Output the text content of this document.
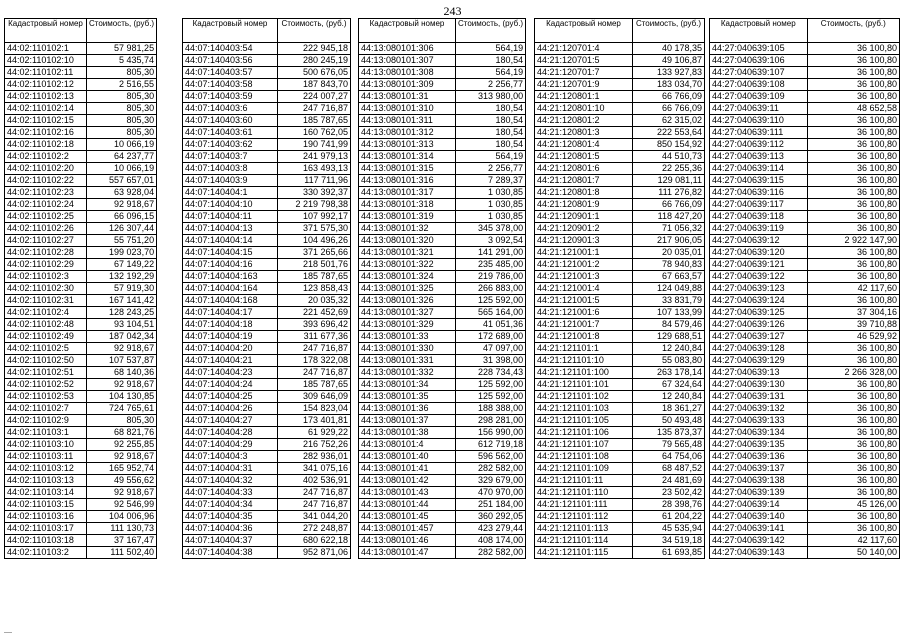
243
Кадастровый номер	Стоимость, (руб.)
44:02:110102:1	57 981,25
44:02:110102:10	5 435,74
44:02:110102:11	805,30
44:02:110102:12	2 516,55
44:02:110102:13	805,30
44:02:110102:14	805,30
44:02:110102:15	805,30
44:02:110102:16	805,30
44:02:110102:18	10 066,19
44:02:110102:2	64 237,77
44:02:110102:20	10 066,19
44:02:110102:22	557 657,01
44:02:110102:23	63 928,04
44:02:110102:24	92 918,67
44:02:110102:25	66 096,15
44:02:110102:26	126 307,44
44:02:110102:27	55 751,20
44:02:110102:28	199 023,70
44:02:110102:29	67 149,22
44:02:110102:3	132 192,29
44:02:110102:30	57 919,30
44:02:110102:31	167 141,42
44:02:110102:4	128 243,25
44:02:110102:48	93 104,51
44:02:110102:49	187 042,34
44:02:110102:5	92 918,67
44:02:110102:50	107 537,87
44:02:110102:51	68 140,36
44:02:110102:52	92 918,67
44:02:110102:53	104 130,85
44:02:110102:7	724 765,61
44:02:110102:9	805,30
44:02:110103:1	68 821,76
44:02:110103:10	92 255,85
44:02:110103:11	92 918,67
44:02:110103:12	165 952,74
44:02:110103:13	49 556,62
44:02:110103:14	92 918,67
44:02:110103:15	92 546,99
44:02:110103:16	104 006,96
44:02:110103:17	111 130,73
44:02:110103:18	37 167,47
44:02:110103:2	111 502,40
Кадастровый номер	Стоимость, (руб.)
44:07:140403:54	222 945,18
44:07:140403:56	280 245,19
44:07:140403:57	500 676,05
44:07:140403:58	187 843,70
44:07:140403:59	224 007,27
44:07:140403:6	247 716,87
44:07:140403:60	185 787,65
44:07:140403:61	160 762,05
44:07:140403:62	190 741,99
44:07:140403:7	241 979,13
44:07:140403:8	163 493,13
44:07:140403:9	117 711,96
44:07:140404:1	330 392,37
44:07:140404:10	2 219 798,38
44:07:140404:11	107 992,17
44:07:140404:13	371 575,30
44:07:140404:14	104 496,26
44:07:140404:15	371 265,66
44:07:140404:16	218 501,76
44:07:140404:163	185 787,65
44:07:140404:164	123 858,43
44:07:140404:168	20 035,32
44:07:140404:17	221 452,69
44:07:140404:18	393 696,42
44:07:140404:19	311 677,36
44:07:140404:20	247 716,87
44:07:140404:21	178 322,08
44:07:140404:23	247 716,87
44:07:140404:24	185 787,65
44:07:140404:25	309 646,09
44:07:140404:26	154 823,04
44:07:140404:27	173 401,81
44:07:140404:28	61 929,22
44:07:140404:29	216 752,26
44:07:140404:3	282 936,01
44:07:140404:31	341 075,16
44:07:140404:32	402 536,91
44:07:140404:33	247 716,87
44:07:140404:34	247 716,87
44:07:140404:35	341 044,20
44:07:140404:36	272 248,87
44:07:140404:37	680 622,18
44:07:140404:38	952 871,06
Кадастровый номер	Стоимость, (руб.)
44:13:080101:306	564,19
44:13:080101:307	180,54
44:13:080101:308	564,19
44:13:080101:309	2 256,77
44:13:080101:31	313 980,00
44:13:080101:310	180,54
44:13:080101:311	180,54
44:13:080101:312	180,54
44:13:080101:313	180,54
44:13:080101:314	564,19
44:13:080101:315	2 256,77
44:13:080101:316	7 289,37
44:13:080101:317	1 030,85
44:13:080101:318	1 030,85
44:13:080101:319	1 030,85
44:13:080101:32	345 378,00
44:13:080101:320	3 092,54
44:13:080101:321	141 291,00
44:13:080101:322	235 485,00
44:13:080101:324	219 786,00
44:13:080101:325	266 883,00
44:13:080101:326	125 592,00
44:13:080101:327	565 164,00
44:13:080101:329	41 051,36
44:13:080101:33	172 689,00
44:13:080101:330	47 097,00
44:13:080101:331	31 398,00
44:13:080101:332	228 734,43
44:13:080101:34	125 592,00
44:13:080101:35	125 592,00
44:13:080101:36	188 388,00
44:13:080101:37	298 281,00
44:13:080101:38	156 990,00
44:13:080101:4	612 719,18
44:13:080101:40	596 562,00
44:13:080101:41	282 582,00
44:13:080101:42	329 679,00
44:13:080101:43	470 970,00
44:13:080101:44	251 184,00
44:13:080101:45	360 292,05
44:13:080101:457	423 279,44
44:13:080101:46	408 174,00
44:13:080101:47	282 582,00
Кадастровый номер	Стоимость, (руб.)
44:21:120701:4	40 178,35
44:21:120701:5	49 106,87
44:21:120701:7	133 927,83
44:21:120701:9	183 034,70
44:21:120801:1	66 766,09
44:21:120801:10	66 766,09
44:21:120801:2	62 315,02
44:21:120801:3	222 553,64
44:21:120801:4	850 154,92
44:21:120801:5	44 510,73
44:21:120801:6	22 255,36
44:21:120801:7	129 081,11
44:21:120801:8	111 276,82
44:21:120801:9	66 766,09
44:21:120901:1	118 427,20
44:21:120901:2	71 056,32
44:21:120901:3	217 906,05
44:21:121001:1	20 035,01
44:21:121001:2	78 940,83
44:21:121001:3	67 663,57
44:21:121001:4	124 049,88
44:21:121001:5	33 831,79
44:21:121001:6	107 133,99
44:21:121001:7	84 579,46
44:21:121001:8	129 688,51
44:21:121101:1	12 240,84
44:21:121101:10	55 083,80
44:21:121101:100	263 178,14
44:21:121101:101	67 324,64
44:21:121101:102	12 240,84
44:21:121101:103	18 361,27
44:21:121101:105	50 493,48
44:21:121101:106	135 873,37
44:21:121101:107	79 565,48
44:21:121101:108	64 754,06
44:21:121101:109	68 487,52
44:21:121101:11	24 481,69
44:21:121101:110	23 502,42
44:21:121101:111	28 398,76
44:21:121101:112	61 204,22
44:21:121101:113	45 535,94
44:21:121101:114	34 519,18
44:21:121101:115	61 693,85
Кадастровый номер	Стоимость, (руб.)
44:27:040639:105	36 100,80
44:27:040639:106	36 100,80
44:27:040639:107	36 100,80
44:27:040639:108	36 100,80
44:27:040639:109	36 100,80
44:27:040639:11	48 652,58
44:27:040639:110	36 100,80
44:27:040639:111	36 100,80
44:27:040639:112	36 100,80
44:27:040639:113	36 100,80
44:27:040639:114	36 100,80
44:27:040639:115	36 100,80
44:27:040639:116	36 100,80
44:27:040639:117	36 100,80
44:27:040639:118	36 100,80
44:27:040639:119	36 100,80
44:27:040639:12	2 922 147,90
44:27:040639:120	36 100,80
44:27:040639:121	36 100,80
44:27:040639:122	36 100,80
44:27:040639:123	42 117,60
44:27:040639:124	36 100,80
44:27:040639:125	37 304,16
44:27:040639:126	39 710,88
44:27:040639:127	46 529,92
44:27:040639:128	36 100,80
44:27:040639:129	36 100,80
44:27:040639:13	2 266 328,00
44:27:040639:130	36 100,80
44:27:040639:131	36 100,80
44:27:040639:132	36 100,80
44:27:040639:133	36 100,80
44:27:040639:134	36 100,80
44:27:040639:135	36 100,80
44:27:040639:136	36 100,80
44:27:040639:137	36 100,80
44:27:040639:138	36 100,80
44:27:040639:139	36 100,80
44:27:040639:14	45 126,00
44:27:040639:140	36 100,80
44:27:040639:141	36 100,80
44:27:040639:142	42 117,60
44:27:040639:143	50 140,00
